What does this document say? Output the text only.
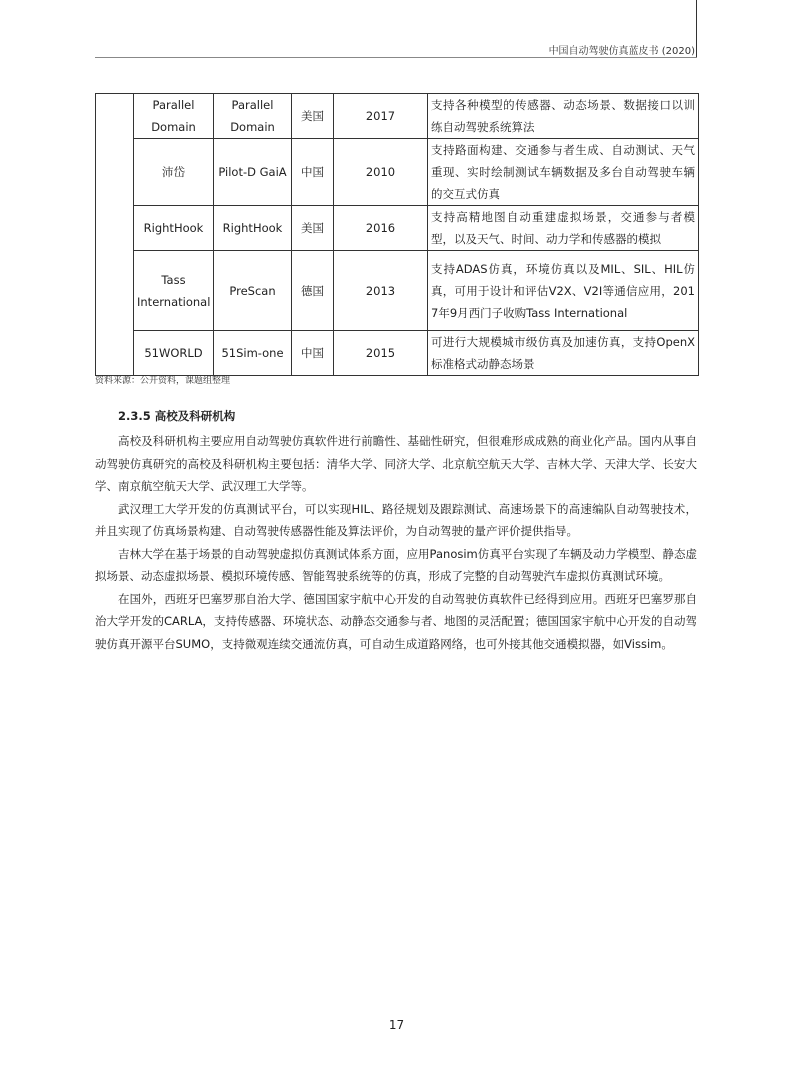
中国自动驾驶仿真蓝皮书 (2020)
	Parallel Domain	Parallel Domain	美国	2017	支持各种模型的传感器、动态场景、数据接口以训练自动驾驶系统算法
	沛岱	Pilot-D GaiA	中国	2010	支持路面构建、交通参与者生成、自动测试、天气重现、实时绘制测试车辆数据及多台自动驾驶车辆的交互式仿真
	RightHook	RightHook	美国	2016	支持高精地图自动重建虚拟场景，交通参与者模型，以及天气、时间、动力学和传感器的模拟
	Tass International	PreScan	德国	2013	支持ADAS仿真，环境仿真以及MIL、SIL、HIL仿真，可用于设计和评估V2X、V2I等通信应用，2017年9月西门子收购Tass International
	51WORLD	51Sim-one	中国	2015	可进行大规模城市级仿真及加速仿真，支持OpenX标准格式动静态场景
资料来源：公开资料，课题组整理
2.3.5 高校及科研机构

高校及科研机构主要应用自动驾驶仿真软件进行前瞻性、基础性研究，但很难形成成熟的商业化产品。国内从事自动驾驶仿真研究的高校及科研机构主要包括：清华大学、同济大学、北京航空航天大学、吉林大学、天津大学、长安大学、南京航空航天大学、武汉理工大学等。

武汉理工大学开发的仿真测试平台，可以实现HIL、路径规划及跟踪测试、高速场景下的高速编队自动驾驶技术，并且实现了仿真场景构建、自动驾驶传感器性能及算法评价，为自动驾驶的量产评价提供指导。

吉林大学在基于场景的自动驾驶虚拟仿真测试体系方面，应用Panosim仿真平台实现了车辆及动力学模型、静态虚拟场景、动态虚拟场景、模拟环境传感、智能驾驶系统等的仿真，形成了完整的自动驾驶汽车虚拟仿真测试环境。

在国外，西班牙巴塞罗那自治大学、德国国家宇航中心开发的自动驾驶仿真软件已经得到应用。西班牙巴塞罗那自治大学开发的CARLA，支持传感器、环境状态、动静态交通参与者、地图的灵活配置；德国国家宇航中心开发的自动驾驶仿真开源平台SUMO，支持微观连续交通流仿真，可自动生成道路网络，也可外接其他交通模拟器，如Vissim。

17
